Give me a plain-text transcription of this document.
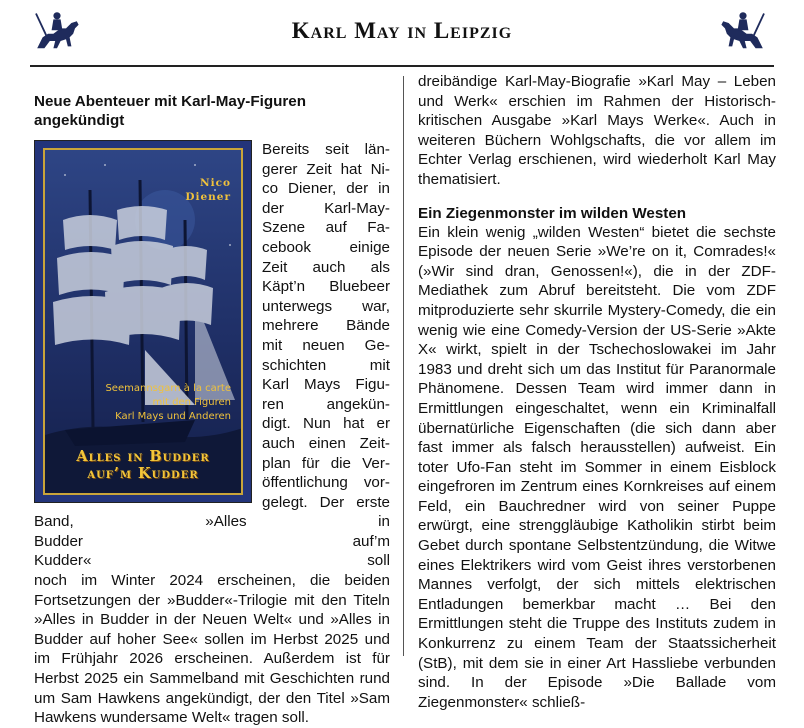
Karl May in Leipzig
Neue Abenteuer mit Karl-May-Figuren angekündigt
Nico
Diener
Seemannsgarn à la carte
mit den Figuren
Karl Mays und Anderen
Alles in Budder
auf’m Kudder

Bereits seit län-

gerer Zeit hat Ni-

co Diener, der in

der Karl-May-

Szene auf Fa-

cebook einige

Zeit auch als

Käpt’n Bluebeer

unterwegs war,

mehrere Bände

mit neuen Ge-

schichten mit

Karl Mays Figu-

ren angekün-

digt. Nun hat er

auch einen Zeit-

plan für die Ver-

öffentlichung vor-

gelegt. Der erste

Band, »Alles in

Budder auf’m

Kudder« soll

noch im Winter 2024 erscheinen, die beiden Fortsetzungen der »Budder«-Trilogie mit den Titeln »Alles in Budder in der Neuen Welt« und »Alles in Budder auf hoher See« sollen im Herbst 2025 und im Frühjahr 2026 erscheinen. Außerdem ist für Herbst 2025 ein Sammelband mit Geschichten rund um Sam Hawkens angekündigt, der den Titel »Sam Hawkens wundersame Welt« tragen soll.

dreibändige Karl-May-Biografie »Karl May – Leben und Werk« erschien im Rahmen der Historisch-kritischen Ausgabe »Karl Mays Werke«. Auch in weiteren Büchern Wohlgschafts, die vor allem im Echter Verlag erschienen, wird wiederholt Karl May thematisiert.

Ein Ziegenmonster im wilden Westen

Ein klein wenig „wilden Westen“ bietet die sechste Episode der neuen Serie »We’re on it, Comrades!« (»Wir sind dran, Genossen!«), die in der ZDF-Mediathek zum Abruf bereitsteht. Die vom ZDF mitproduzierte sehr skurrile Mystery-Comedy, die ein wenig wie eine Comedy-Version der US-Serie »Akte X« wirkt, spielt in der Tschechoslowakei im Jahr 1983 und dreht sich um das Institut für Paranormale Phänomene. Dessen Team wird immer dann in Ermittlungen eingeschaltet, wenn ein Kriminalfall übernatürliche Eigenschaften (die sich dann aber fast immer als falsch herausstellen) aufweist. Ein toter Ufo-Fan steht im Sommer in einem Eisblock eingefroren im Zentrum eines Kornkreises auf einem Feld, ein Bauchredner wird von seiner Puppe erwürgt, eine strenggläubige Katholikin stirbt beim Gebet durch spontane Selbstentzündung, die Witwe eines Elektrikers wird vom Geist ihres verstorbenen Mannes verfolgt, der sich mittels elektrischen Entladungen bemerkbar macht … Bei den Ermittlungen steht die Truppe des Instituts zudem in Konkurrenz zu einem Team der Staatssicherheit (StB), mit dem sie in einer Art Hassliebe verbunden sind. In der Episode »Die Ballade vom Ziegenmonster« schließ-
